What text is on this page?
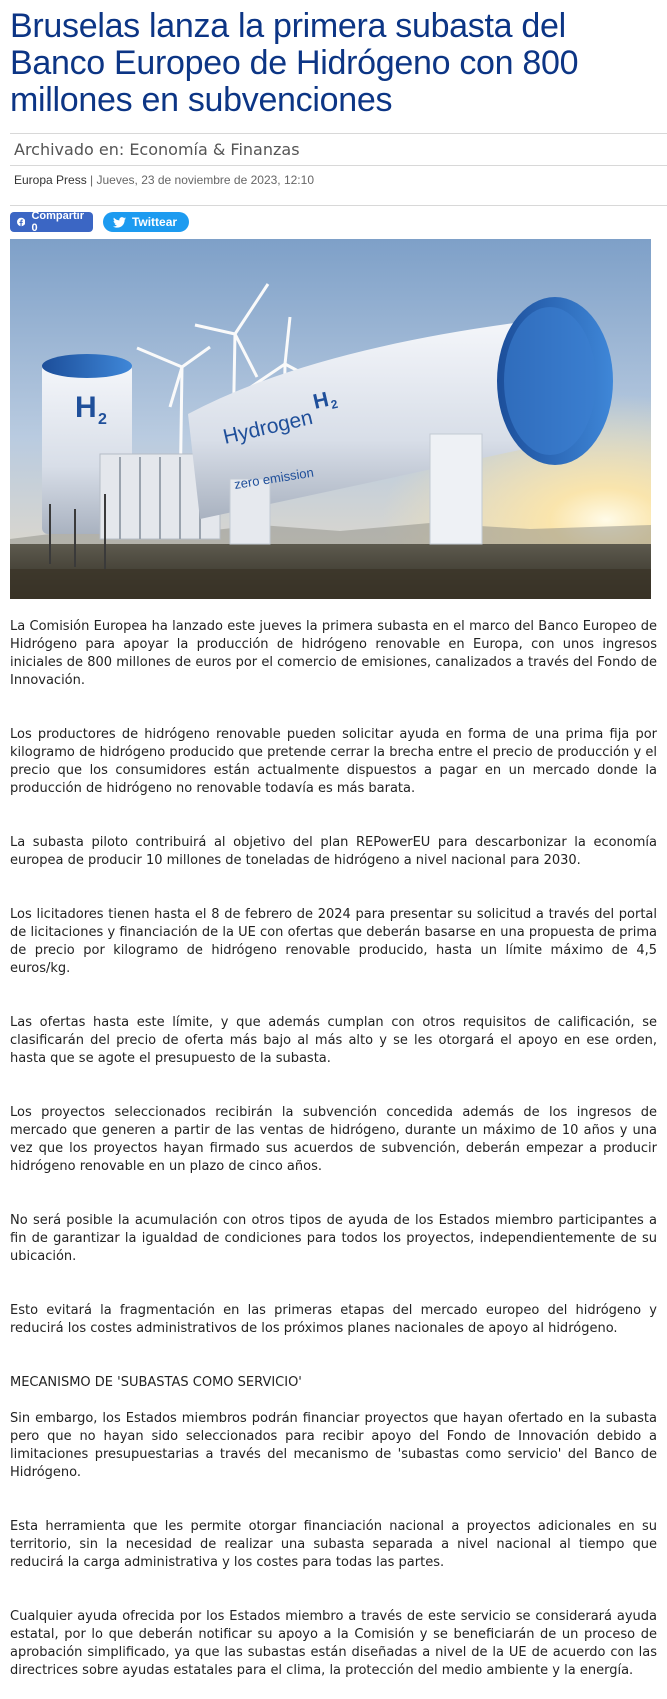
Bruselas lanza la primera subasta del Banco Europeo de Hidrógeno con 800 millones en subvenciones
Archivado en: Economía & Finanzas
Europa Press | Jueves, 23 de noviembre de 2023, 12:10
Compartir 0	Twittear
H 2	Hydrogen
H
2
zero emission

La Comisión Europea ha lanzado este jueves la primera subasta en el marco del Banco Europeo de Hidrógeno para apoyar la producción de hidrógeno renovable en Europa, con unos ingresos iniciales de 800 millones de euros por el comercio de emisiones, canalizados a través del Fondo de Innovación.

Los productores de hidrógeno renovable pueden solicitar ayuda en forma de una prima fija por kilogramo de hidrógeno producido que pretende cerrar la brecha entre el precio de producción y el precio que los consumidores están actualmente dispuestos a pagar en un mercado donde la producción de hidrógeno no renovable todavía es más barata.

La subasta piloto contribuirá al objetivo del plan REPowerEU para descarbonizar la economía europea de producir 10 millones de toneladas de hidrógeno a nivel nacional para 2030.

Los licitadores tienen hasta el 8 de febrero de 2024 para presentar su solicitud a través del portal de licitaciones y financiación de la UE con ofertas que deberán basarse en una propuesta de prima de precio por kilogramo de hidrógeno renovable producido, hasta un límite máximo de 4,5 euros/kg.

Las ofertas hasta este límite, y que además cumplan con otros requisitos de calificación, se clasificarán del precio de oferta más bajo al más alto y se les otorgará el apoyo en ese orden, hasta que se agote el presupuesto de la subasta.

Los proyectos seleccionados recibirán la subvención concedida además de los ingresos de mercado que generen a partir de las ventas de hidrógeno, durante un máximo de 10 años y una vez que los proyectos hayan firmado sus acuerdos de subvención, deberán empezar a producir hidrógeno renovable en un plazo de cinco años.

No será posible la acumulación con otros tipos de ayuda de los Estados miembro participantes a fin de garantizar la igualdad de condiciones para todos los proyectos, independientemente de su ubicación.

Esto evitará la fragmentación en las primeras etapas del mercado europeo del hidrógeno y reducirá los costes administrativos de los próximos planes nacionales de apoyo al hidrógeno.

MECANISMO DE 'SUBASTAS COMO SERVICIO'

Sin embargo, los Estados miembros podrán financiar proyectos que hayan ofertado en la subasta pero que no hayan sido seleccionados para recibir apoyo del Fondo de Innovación debido a limitaciones presupuestarias a través del mecanismo de 'subastas como servicio' del Banco de Hidrógeno.

Esta herramienta que les permite otorgar financiación nacional a proyectos adicionales en su territorio, sin la necesidad de realizar una subasta separada a nivel nacional al tiempo que reducirá la carga administrativa y los costes para todas las partes.

Cualquier ayuda ofrecida por los Estados miembro a través de este servicio se considerará ayuda estatal, por lo que deberán notificar su apoyo a la Comisión y se beneficiarán de un proceso de aprobación simplificado, ya que las subastas están diseñadas a nivel de la UE de acuerdo con las directrices sobre ayudas estatales para el clima, la protección del medio ambiente y la energía.
